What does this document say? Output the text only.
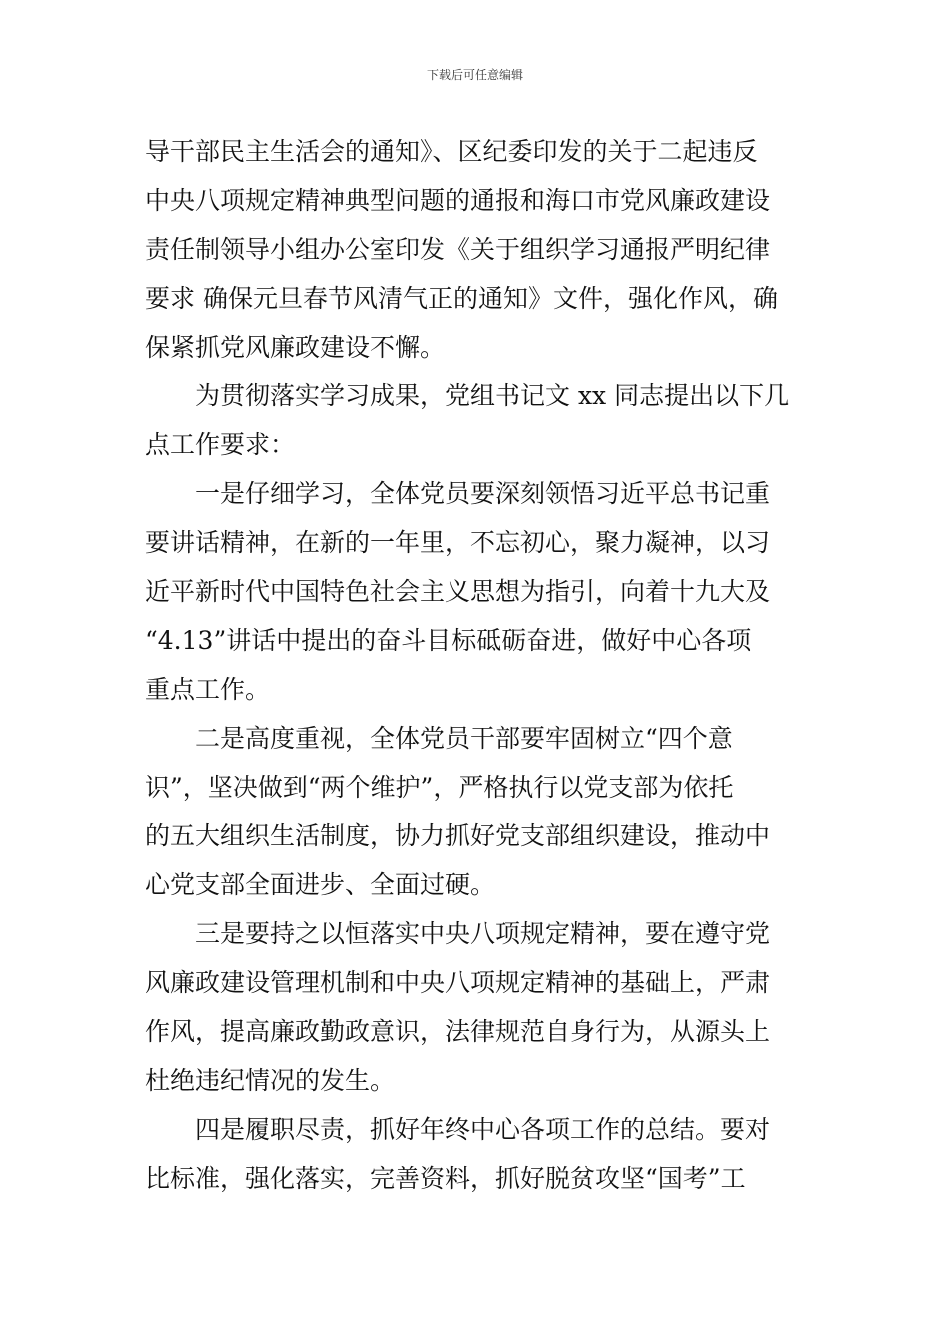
下载后可任意编辑
导干部民主生活会的通知》、区纪委印发的关于二起违反
中央八项规定精神典型问题的通报和海口市党风廉政建设
责任制领导小组办公室印发《关于组织学习通报严明纪律
要求 确保元旦春节风清气正的通知》文件，强化作风，确
保紧抓党风廉政建设不懈。
　　为贯彻落实学习成果，党组书记文 xx 同志提出以下几
点工作要求：
　　一是仔细学习，全体党员要深刻领悟习近平总书记重
要讲话精神，在新的一年里，不忘初心，聚力凝神，以习
近平新时代中国特色社会主义思想为指引，向着十九大及
“4.13”讲话中提出的奋斗目标砥砺奋进，做好中心各项
重点工作。
　　二是高度重视，全体党员干部要牢固树立“四个意
识”，坚决做到“两个维护”，严格执行以党支部为依托
的五大组织生活制度，协力抓好党支部组织建设，推动中
心党支部全面进步、全面过硬。
　　三是要持之以恒落实中央八项规定精神，要在遵守党
风廉政建设管理机制和中央八项规定精神的基础上，严肃
作风，提高廉政勤政意识，法律规范自身行为，从源头上
杜绝违纪情况的发生。
　　四是履职尽责，抓好年终中心各项工作的总结。要对
比标准，强化落实，完善资料，抓好脱贫攻坚“国考”工
